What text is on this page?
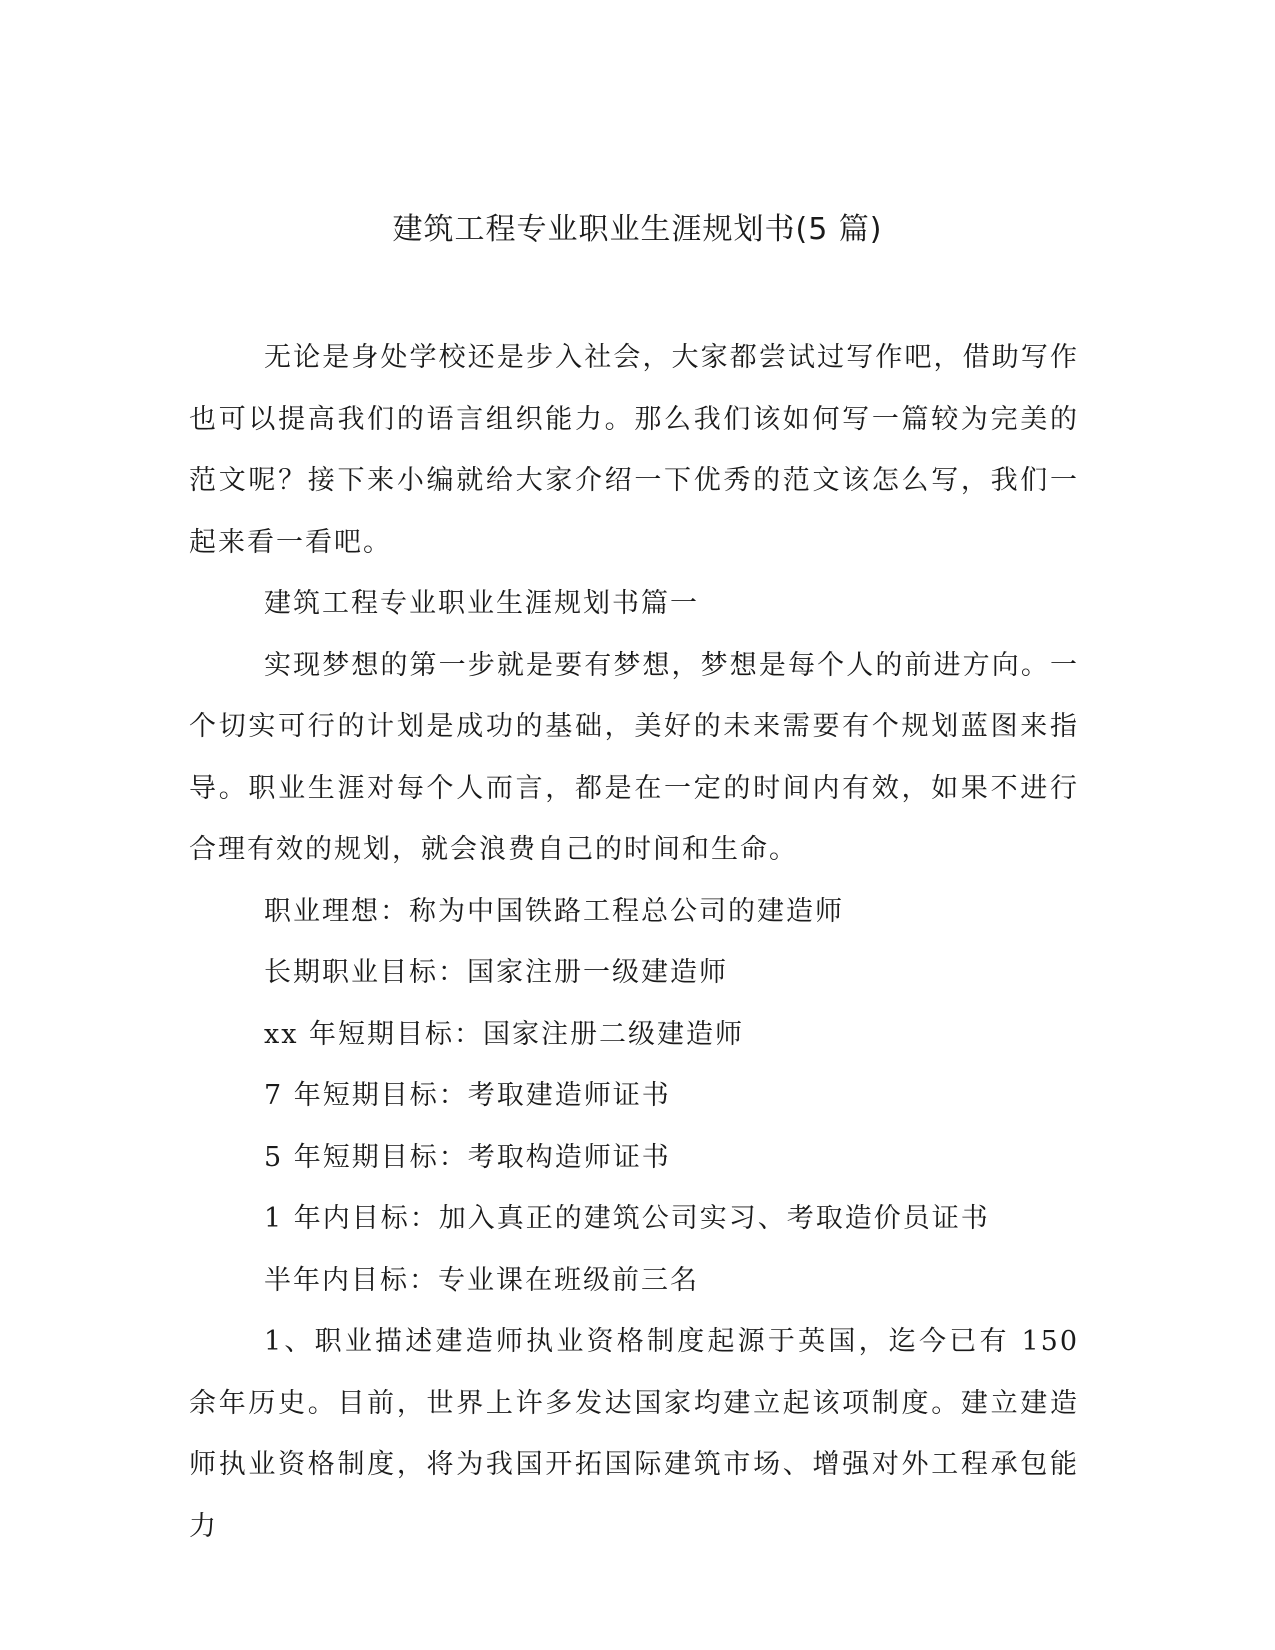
建筑工程专业职业生涯规划书(5 篇)

无论是身处学校还是步入社会，大家都尝试过写作吧，借助写作也可以提高我们的语言组织能力。那么我们该如何写一篇较为完美的范文呢？接下来小编就给大家介绍一下优秀的范文该怎么写，我们一起来看一看吧。

建筑工程专业职业生涯规划书篇一

实现梦想的第一步就是要有梦想，梦想是每个人的前进方向。一个切实可行的计划是成功的基础，美好的未来需要有个规划蓝图来指导。职业生涯对每个人而言，都是在一定的时间内有效，如果不进行合理有效的规划，就会浪费自己的时间和生命。

职业理想：称为中国铁路工程总公司的建造师

长期职业目标：国家注册一级建造师

xx 年短期目标：国家注册二级建造师

7 年短期目标：考取建造师证书

5 年短期目标：考取构造师证书

1 年内目标：加入真正的建筑公司实习、考取造价员证书

半年内目标：专业课在班级前三名

1、职业描述建造师执业资格制度起源于英国，迄今已有 150 余年历史。目前，世界上许多发达国家均建立起该项制度。建立建造师执业资格制度，将为我国开拓国际建筑市场、增强对外工程承包能力
